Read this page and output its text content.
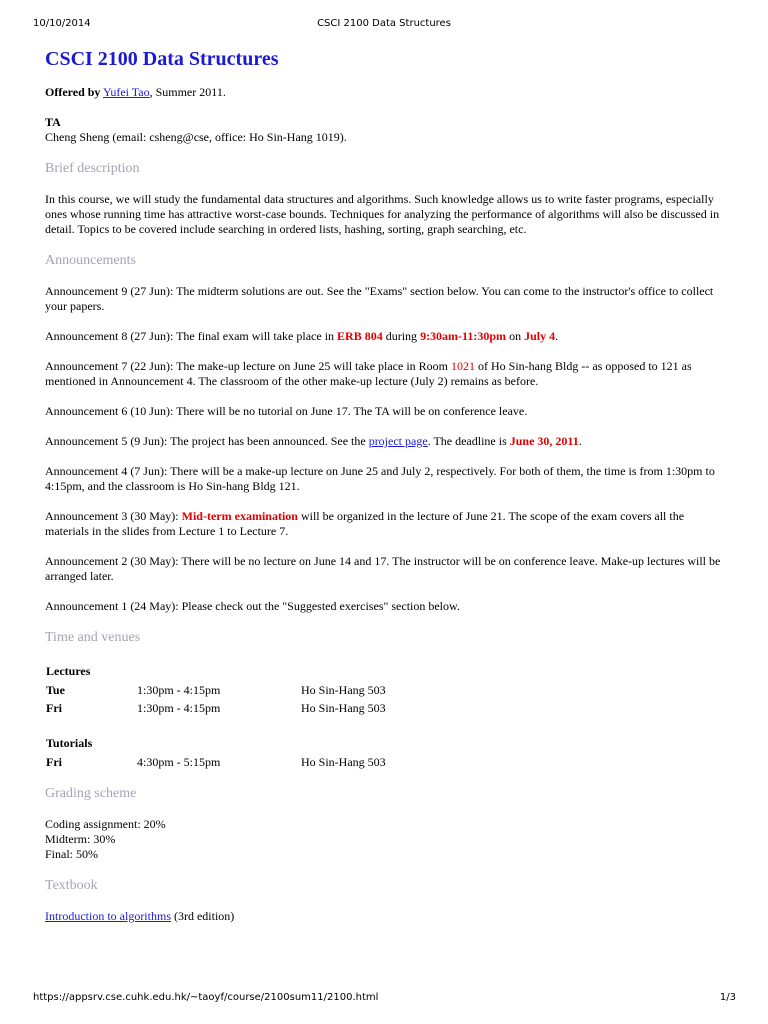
10/10/2014	CSCI 2100 Data Structures
CSCI 2100 Data Structures

Offered by Yufei Tao, Summer 2011.

TA

Cheng Sheng (email: csheng@cse, office: Ho Sin-Hang 1019).

Brief description

In this course, we will study the fundamental data structures and algorithms. Such knowledge allows us to write faster programs, especially ones whose running time has attractive worst-case bounds. Techniques for analyzing the performance of algorithms will also be discussed in detail. Topics to be covered include searching in ordered lists, hashing, sorting, graph searching, etc.

Announcements

Announcement 9 (27 Jun): The midterm solutions are out. See the "Exams" section below. You can come to the instructor's office to collect your papers.

Announcement 8 (27 Jun): The final exam will take place in ERB 804 during 9:30am-11:30pm on July 4.

Announcement 7 (22 Jun): The make-up lecture on June 25 will take place in Room 1021 of Ho Sin-hang Bldg -- as opposed to 121 as mentioned in Announcement 4. The classroom of the other make-up lecture (July 2) remains as before.

Announcement 6 (10 Jun): There will be no tutorial on June 17. The TA will be on conference leave.

Announcement 5 (9 Jun): The project has been announced. See the project page. The deadline is June 30, 2011.

Announcement 4 (7 Jun): There will be a make-up lecture on June 25 and July 2, respectively. For both of them, the time is from 1:30pm to 4:15pm, and the classroom is Ho Sin-hang Bldg 121.

Announcement 3 (30 May): Mid-term examination will be organized in the lecture of June 21. The scope of the exam covers all the materials in the slides from Lecture 1 to Lecture 7.

Announcement 2 (30 May): There will be no lecture on June 14 and 17. The instructor will be on conference leave. Make-up lectures will be arranged later.

Announcement 1 (24 May): Please check out the "Suggested exercises" section below.

Time and venues
Lectures		
Tue	1:30pm - 4:15pm	Ho Sin-Hang 503
Fri	1:30pm - 4:15pm	Ho Sin-Hang 503
Tutorials
Fri	4:30pm - 5:15pm	Ho Sin-Hang 503
Grading scheme

Coding assignment: 20%
Midterm: 30%
Final: 50%

Textbook

Introduction to algorithms (3rd edition)

https://appsrv.cse.cuhk.edu.hk/~taoyf/course/2100sum11/2100.html	1/3
